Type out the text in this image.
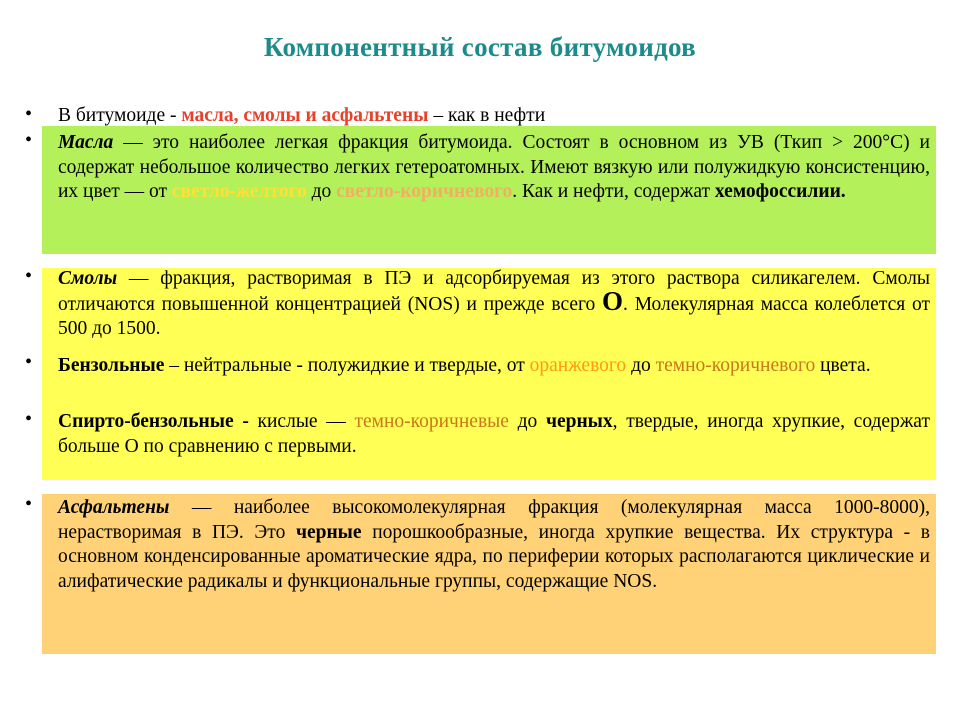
Компонентный состав битумоидов
•
•
•
•
•
•
В битумоиде - масла, смолы и асфальтены – как в нефти
Масла — это наиболее легкая фракция битумоида. Состоят в основном из УВ (Ткип > 200°С) и содержат небольшое количество легких гетероатомных. Имеют вязкую или полужидкую консистенцию, их цвет — от светло-желтого до светло-коричневого. Как и нефти, содержат хемофоссилии.
Смолы — фракция, растворимая в ПЭ и адсорбируемая из этого раствора силикагелем. Смолы отличаются повышенной концентрацией (NOS) и прежде всего О. Молекулярная масса колеблется от 500 до 1500.
Бензольные – нейтральные - полужидкие и твердые, от оранжевого до темно-коричневого цвета.
Спирто-бензольные - кислые — темно-коричневые до черных, твердые, иногда хрупкие, содержат больше О по сравнению с первыми.
Асфальтены — наиболее высокомолекулярная фракция (молекулярная масса 1000-8000), нерастворимая в ПЭ. Это черные порошкообразные, иногда хрупкие вещества. Их структура - в основном конденсированные ароматические ядра, по периферии которых располагаются циклические и алифатические радикалы и функциональные группы, содержащие NOS.
